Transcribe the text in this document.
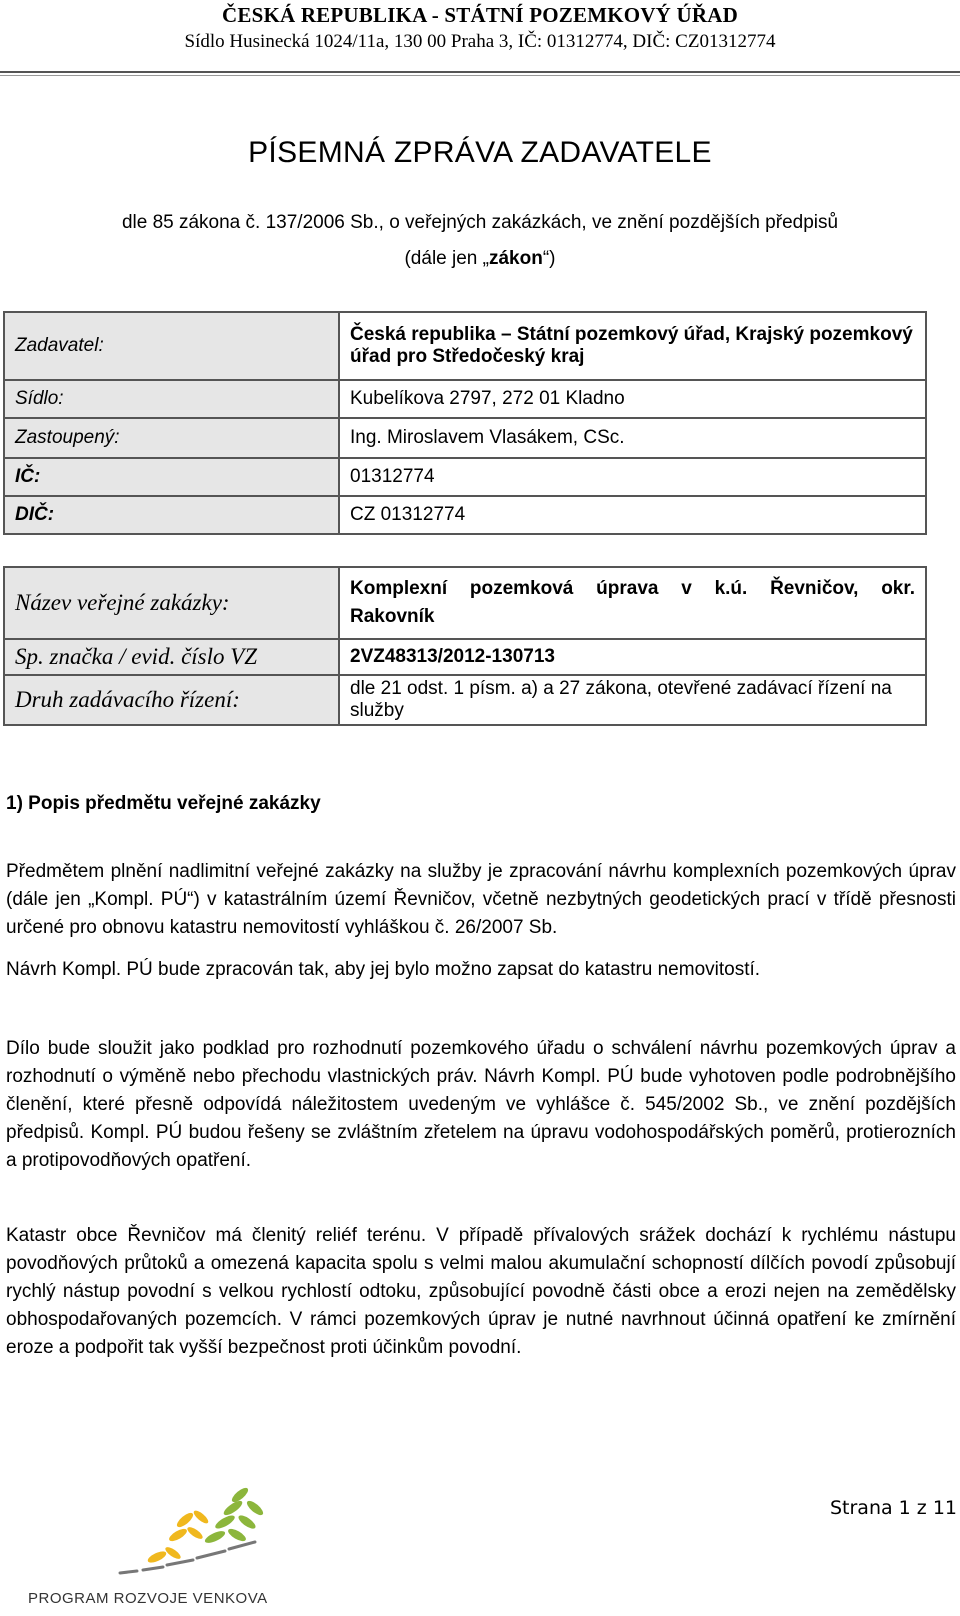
ČESKÁ REPUBLIKA - STÁTNÍ POZEMKOVÝ ÚŘAD
Sídlo Husinecká 1024/11a, 130 00 Praha 3, IČ: 01312774, DIČ: CZ01312774
PÍSEMNÁ ZPRÁVA ZADAVATELE
dle 85 zákona č. 137/2006 Sb., o veřejných zakázkách, ve znění pozdějších předpisů
(dále jen „zákon“)
Zadavatel:	Česká republika – Státní pozemkový úřad, Krajský pozemkový úřad pro Středočeský kraj
Sídlo:	Kubelíkova 2797, 272 01 Kladno
Zastoupený:	Ing. Miroslavem Vlasákem, CSc.
IČ:	01312774
DIČ:	CZ 01312774
Název veřejné zakázky:	Komplexní pozemková úprava v k.ú. Řevničov, okr.
Rakovník

Sp. značka / evid. číslo VZ	2VZ48313/2012-130713
Druh zadávacího řízení:	dle 21 odst. 1 písm. a) a 27 zákona, otevřené zadávací řízení na služby
1) Popis předmětu veřejné zakázky
Předmětem plnění nadlimitní veřejné zakázky na služby je zpracování návrhu komplexních pozemkových úprav (dále jen „Kompl. PÚ“) v katastrálním území Řevničov, včetně nezbytných geodetických prací v třídě přesnosti určené pro obnovu katastru nemovitostí vyhláškou č. 26/2007 Sb.
Návrh Kompl. PÚ bude zpracován tak, aby jej bylo možno zapsat do katastru nemovitostí.
Dílo bude sloužit jako podklad pro rozhodnutí pozemkového úřadu o schválení návrhu pozemkových úprav a rozhodnutí o výměně nebo přechodu vlastnických práv. Návrh Kompl. PÚ bude vyhotoven podle podrobnějšího členění, které přesně odpovídá náležitostem uvedeným ve vyhlášce č. 545/2002 Sb., ve znění pozdějších předpisů. Kompl. PÚ budou řešeny se zvláštním zřetelem na úpravu vodohospodářských poměrů, protierozních a protipovodňových opatření.
Katastr obce Řevničov má členitý reliéf terénu. V případě přívalových srážek dochází k rychlému nástupu povodňových průtoků a omezená kapacita spolu s velmi malou akumulační schopností dílčích povodí způsobují rychlý nástup povodní s velkou rychlostí odtoku, způsobující povodně části obce a erozi nejen na zemědělsky obhospodařovaných pozemcích. V rámci pozemkových úprav je nutné navrhnout účinná opatření ke zmírnění eroze a podpořit tak vyšší bezpečnost proti účinkům povodní.
Strana 1 z 11
PROGRAM ROZVOJE VENKOVA
